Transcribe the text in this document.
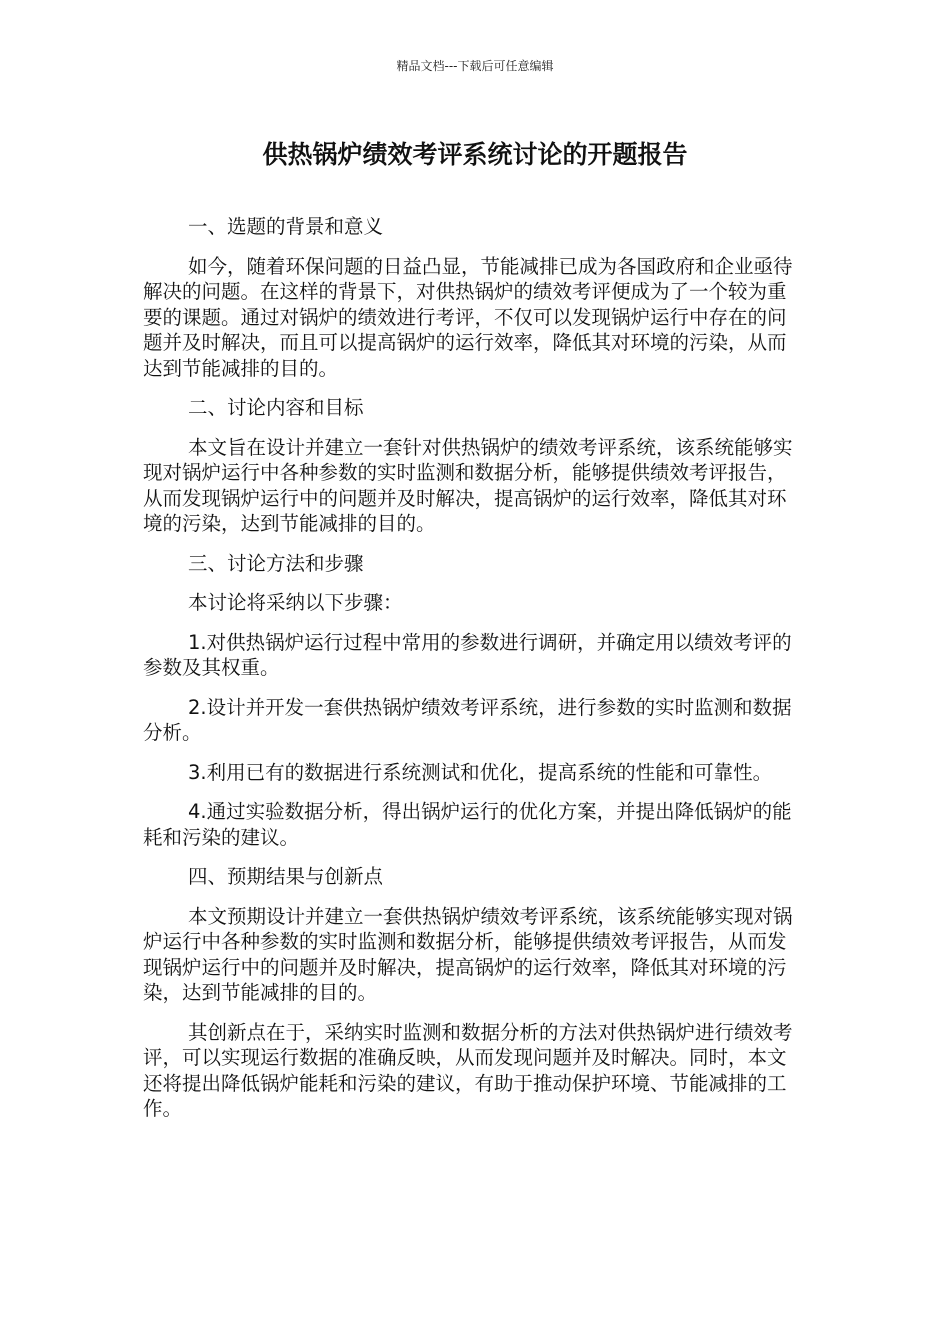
精品文档---下载后可任意编辑
供热锅炉绩效考评系统讨论的开题报告
一、选题的背景和意义
如今，随着环保问题的日益凸显，节能减排已成为各国政府和企业亟待解决的问题。在这样的背景下，对供热锅炉的绩效考评便成为了一个较为重要的课题。通过对锅炉的绩效进行考评，不仅可以发现锅炉运行中存在的问题并及时解决，而且可以提高锅炉的运行效率，降低其对环境的污染，从而达到节能减排的目的。
二、讨论内容和目标
本文旨在设计并建立一套针对供热锅炉的绩效考评系统，该系统能够实现对锅炉运行中各种参数的实时监测和数据分析，能够提供绩效考评报告，从而发现锅炉运行中的问题并及时解决，提高锅炉的运行效率，降低其对环境的污染，达到节能减排的目的。
三、讨论方法和步骤
本讨论将采纳以下步骤：
1.对供热锅炉运行过程中常用的参数进行调研，并确定用以绩效考评的参数及其权重。
2.设计并开发一套供热锅炉绩效考评系统，进行参数的实时监测和数据分析。
3.利用已有的数据进行系统测试和优化，提高系统的性能和可靠性。
4.通过实验数据分析，得出锅炉运行的优化方案，并提出降低锅炉的能耗和污染的建议。
四、预期结果与创新点
本文预期设计并建立一套供热锅炉绩效考评系统，该系统能够实现对锅炉运行中各种参数的实时监测和数据分析，能够提供绩效考评报告，从而发现锅炉运行中的问题并及时解决，提高锅炉的运行效率，降低其对环境的污染，达到节能减排的目的。
其创新点在于，采纳实时监测和数据分析的方法对供热锅炉进行绩效考评，可以实现运行数据的准确反映，从而发现问题并及时解决。同时，本文还将提出降低锅炉能耗和污染的建议，有助于推动保护环境、节能减排的工作。
